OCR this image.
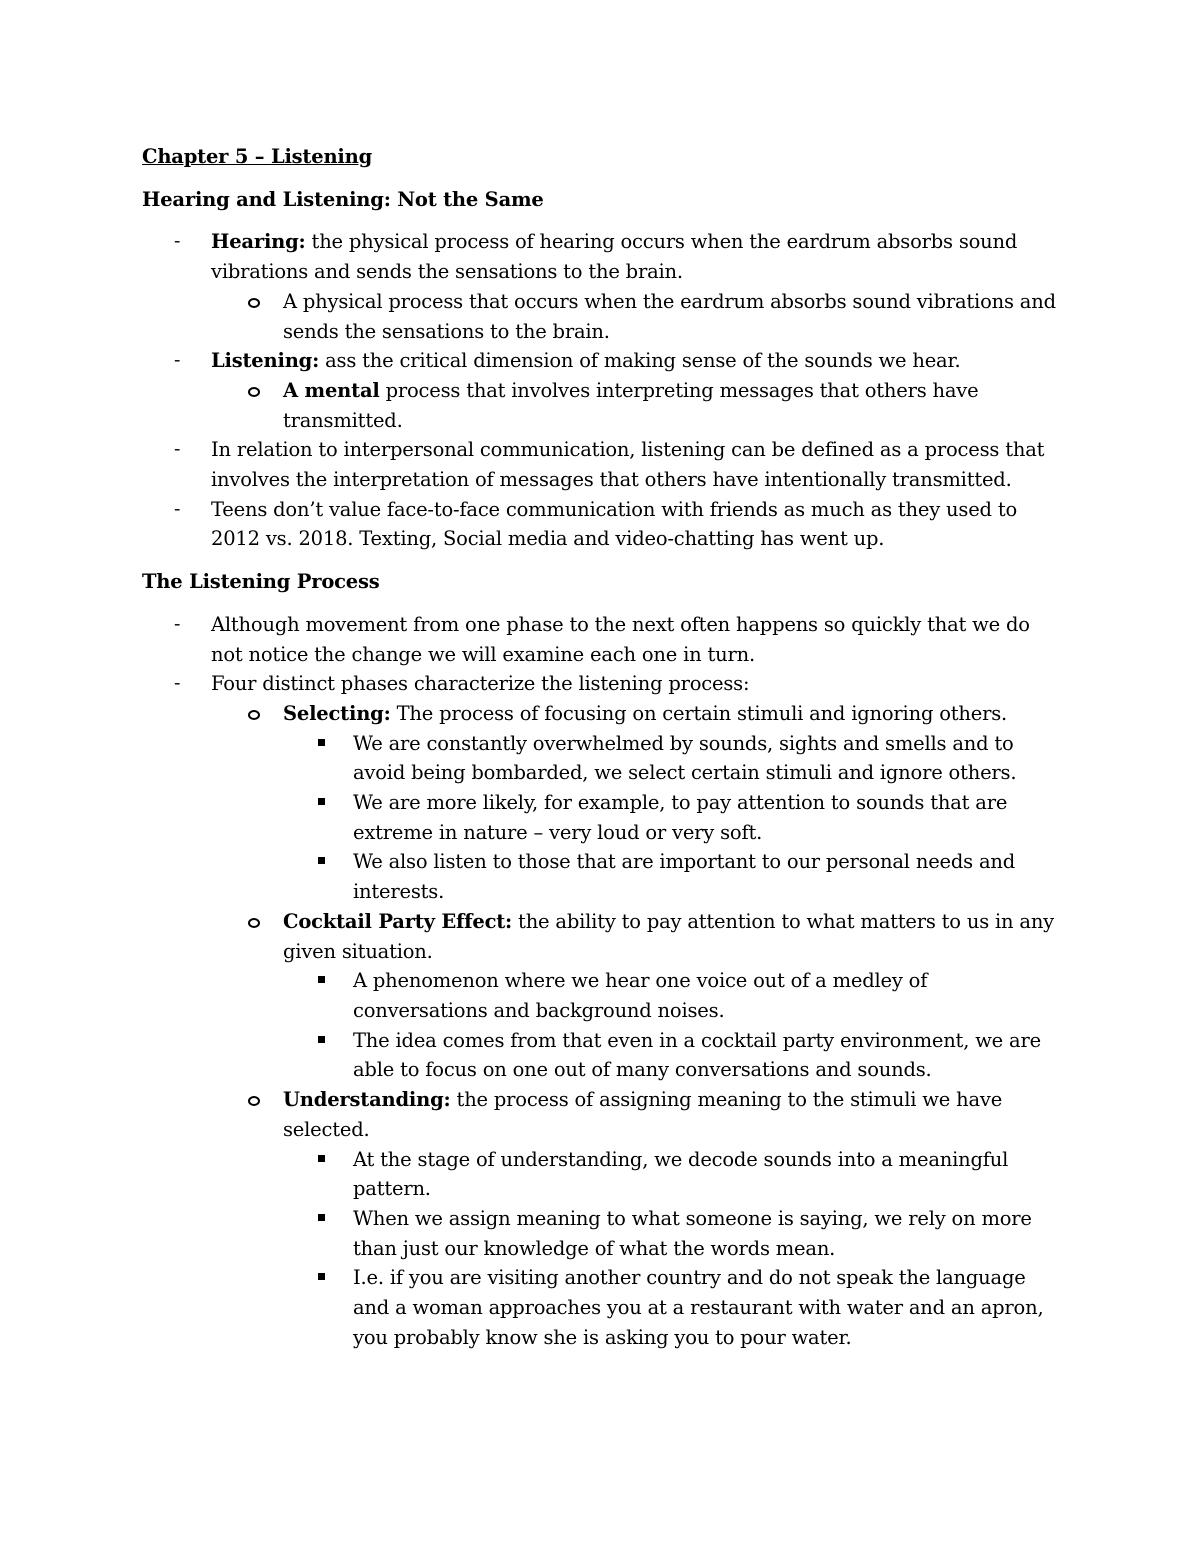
Chapter 5 – Listening
Hearing and Listening: Not the Same
- Hearing: the physical process of hearing occurs when the eardrum absorbs sound vibrations and sends the sensations to the brain.
A physical process that occurs when the eardrum absorbs sound vibrations and sends the sensations to the brain.
- Listening: ass the critical dimension of making sense of the sounds we hear.
A mental process that involves interpreting messages that others have transmitted.
- In relation to interpersonal communication, listening can be defined as a process that involves the interpretation of messages that others have intentionally transmitted.
- Teens don’t value face-to-face communication with friends as much as they used to 2012 vs. 2018. Texting, Social media and video-chatting has went up.
The Listening Process
- Although movement from one phase to the next often happens so quickly that we do not notice the change we will examine each one in turn.
- Four distinct phases characterize the listening process:
Selecting: The process of focusing on certain stimuli and ignoring others.
We are constantly overwhelmed by sounds, sights and smells and to avoid being bombarded, we select certain stimuli and ignore others.
We are more likely, for example, to pay attention to sounds that are extreme in nature – very loud or very soft.
We also listen to those that are important to our personal needs and interests.
Cocktail Party Effect: the ability to pay attention to what matters to us in any given situation.
A phenomenon where we hear one voice out of a medley of conversations and background noises.
The idea comes from that even in a cocktail party environment, we are able to focus on one out of many conversations and sounds.
Understanding: the process of assigning meaning to the stimuli we have selected.
At the stage of understanding, we decode sounds into a meaningful pattern.
When we assign meaning to what someone is saying, we rely on more than just our knowledge of what the words mean.
I.e. if you are visiting another country and do not speak the language and a woman approaches you at a restaurant with water and an apron, you probably know she is asking you to pour water.
